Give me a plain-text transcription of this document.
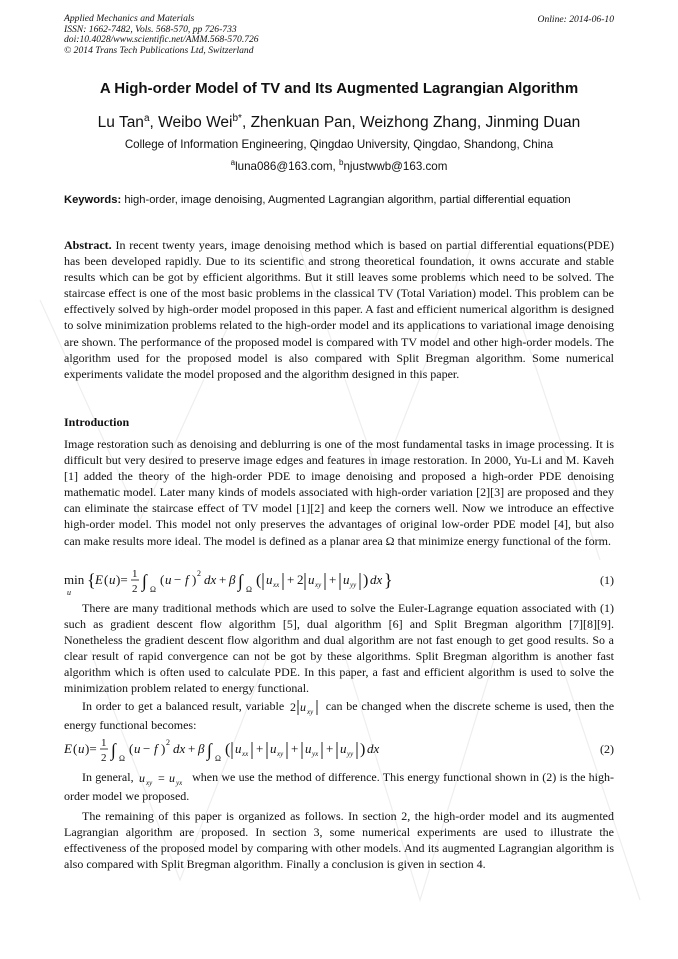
Applied Mechanics and Materials
ISSN: 1662-7482, Vols. 568-570, pp 726-733
doi:10.4028/www.scientific.net/AMM.568-570.726
© 2014 Trans Tech Publications Ltd, Switzerland
Online: 2014-06-10
A High-order Model of TV and Its Augmented Lagrangian Algorithm
Lu Tan$^a$, Weibo Wei$^{b*}$, Zhenkuan Pan, Weizhong Zhang, Jinming Duan
College of Information Engineering, Qingdao University, Qingdao, Shandong, China
$^a$luna086@163.com, $^b$njustwwb@163.com
Keywords: high-order, image denoising, Augmented Lagrangian algorithm, partial differential equation
Abstract. In recent twenty years, image denoising method which is based on partial differential equations(PDE) has been developed rapidly. Due to its scientific and strong theoretical foundation, it owns accurate and stable results which can be got by efficient algorithms. But it still leaves some problems which need to be solved. The staircase effect is one of the most basic problems in the classical TV (Total Variation) model. This problem can be effectively solved by high-order model proposed in this paper. A fast and efficient numerical algorithm is designed to solve minimization problems related to the high-order model and its applications to variational image denoising are shown. The performance of the proposed model is compared with TV model and other high-order models. The algorithm used for the proposed model is also compared with Split Bregman algorithm. Some numerical experiments validate the model proposed and the algorithm designed in this paper.
Introduction
Image restoration such as denoising and deblurring is one of the most fundamental tasks in image processing. It is difficult but very desired to preserve image edges and features in image restoration. In 2000, Yu-Li and M. Kaveh [1] added the theory of the high-order PDE to image denoising and proposed a high-order PDE denoising mathematic model. Later many kinds of models associated with high-order variation [2][3] are proposed and they can eliminate the staircase effect of TV model [1][2] and keep the corners well. Now we introduce an effective high-order model. This model not only preserves the advantages of original low-order PDE model [4], but also can make results more ideal. The model is defined as a planar area Ω that minimize energy functional of the form.
min
u
{ E ( u )= 1
2 ∫ Ω
( u − f ) 2 dx + β ∫ Ω
( u xx + 2 u xy + u yy ) dx }	(1)
There are many traditional methods which are used to solve the Euler-Lagrange equation associated with (1) such as gradient descent flow algorithm [5], dual algorithm [6] and Split Bregman algorithm [7][8][9]. Nonetheless the gradient descent flow algorithm and dual algorithm are not fast enough to get good results. So a clear result of rapid convergence can not be got by these algorithms. Split Bregman algorithm is another fast algorithm which is often used to calculate PDE. In this paper, a fast and efficient algorithm is used to solve the minimization problem related to energy functional.
In order to get a balanced result, variable 2 u xy can be changed when the discrete scheme is used, then the energy functional becomes:
E ( u )= 1
2 ∫ Ω
( u − f ) 2 dx + β ∫ Ω
( u xx + u xy + u yx + u yy ) dx	(2)
In general, u xy = u yx when we use the method of difference. This energy functional shown in (2) is the high-order model we proposed.
The remaining of this paper is organized as follows. In section 2, the high-order model and its augmented Lagrangian algorithm are proposed. In section 3, some numerical experiments are used to illustrate the effectiveness of the proposed model by comparing with other models. And its augmented Lagrangian algorithm is also compared with Split Bregman algorithm. Finally a conclusion is given in section 4.
